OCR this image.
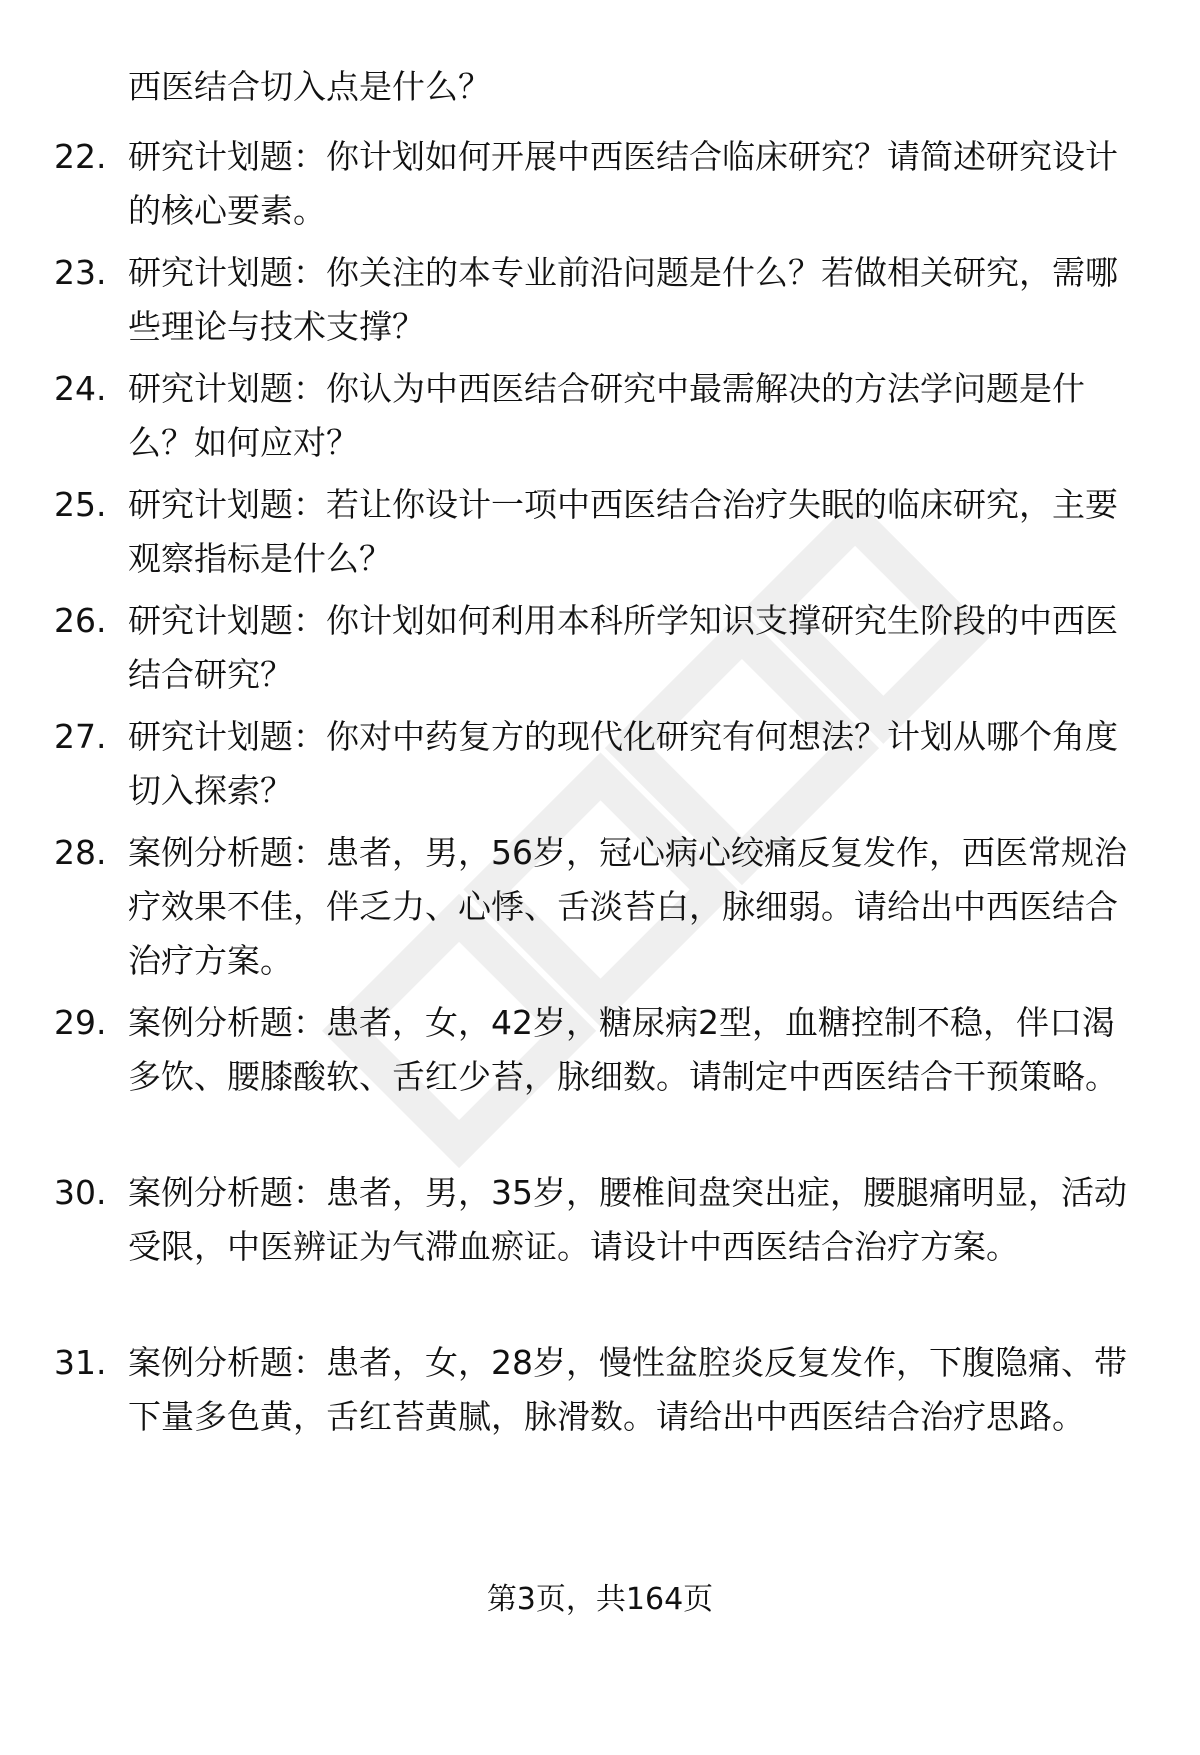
西医结合切入点是什么？

22. 研究计划题：你计划如何开展中西医结合临床研究？请简述研究设计的核心要素。

23. 研究计划题：你关注的本专业前沿问题是什么？若做相关研究，需哪些理论与技术支撑？

24. 研究计划题：你认为中西医结合研究中最需解决的方法学问题是什么？如何应对？

25. 研究计划题：若让你设计一项中西医结合治疗失眠的临床研究，主要观察指标是什么？

26. 研究计划题：你计划如何利用本科所学知识支撑研究生阶段的中西医结合研究？

27. 研究计划题：你对中药复方的现代化研究有何想法？计划从哪个角度切入探索？

28. 案例分析题：患者，男，56岁，冠心病心绞痛反复发作，西医常规治疗效果不佳，伴乏力、心悸、舌淡苔白，脉细弱。请给出中西医结合治疗方案。

29. 案例分析题：患者，女，42岁，糖尿病2型，血糖控制不稳，伴口渴多饮、腰膝酸软、舌红少苔，脉细数。请制定中西医结合干预策略。

30. 案例分析题：患者，男，35岁，腰椎间盘突出症，腰腿痛明显，活动受限，中医辨证为气滞血瘀证。请设计中西医结合治疗方案。

31. 案例分析题：患者，女，28岁，慢性盆腔炎反复发作，下腹隐痛、带下量多色黄，舌红苔黄腻，脉滑数。请给出中西医结合治疗思路。

第3页，共164页
